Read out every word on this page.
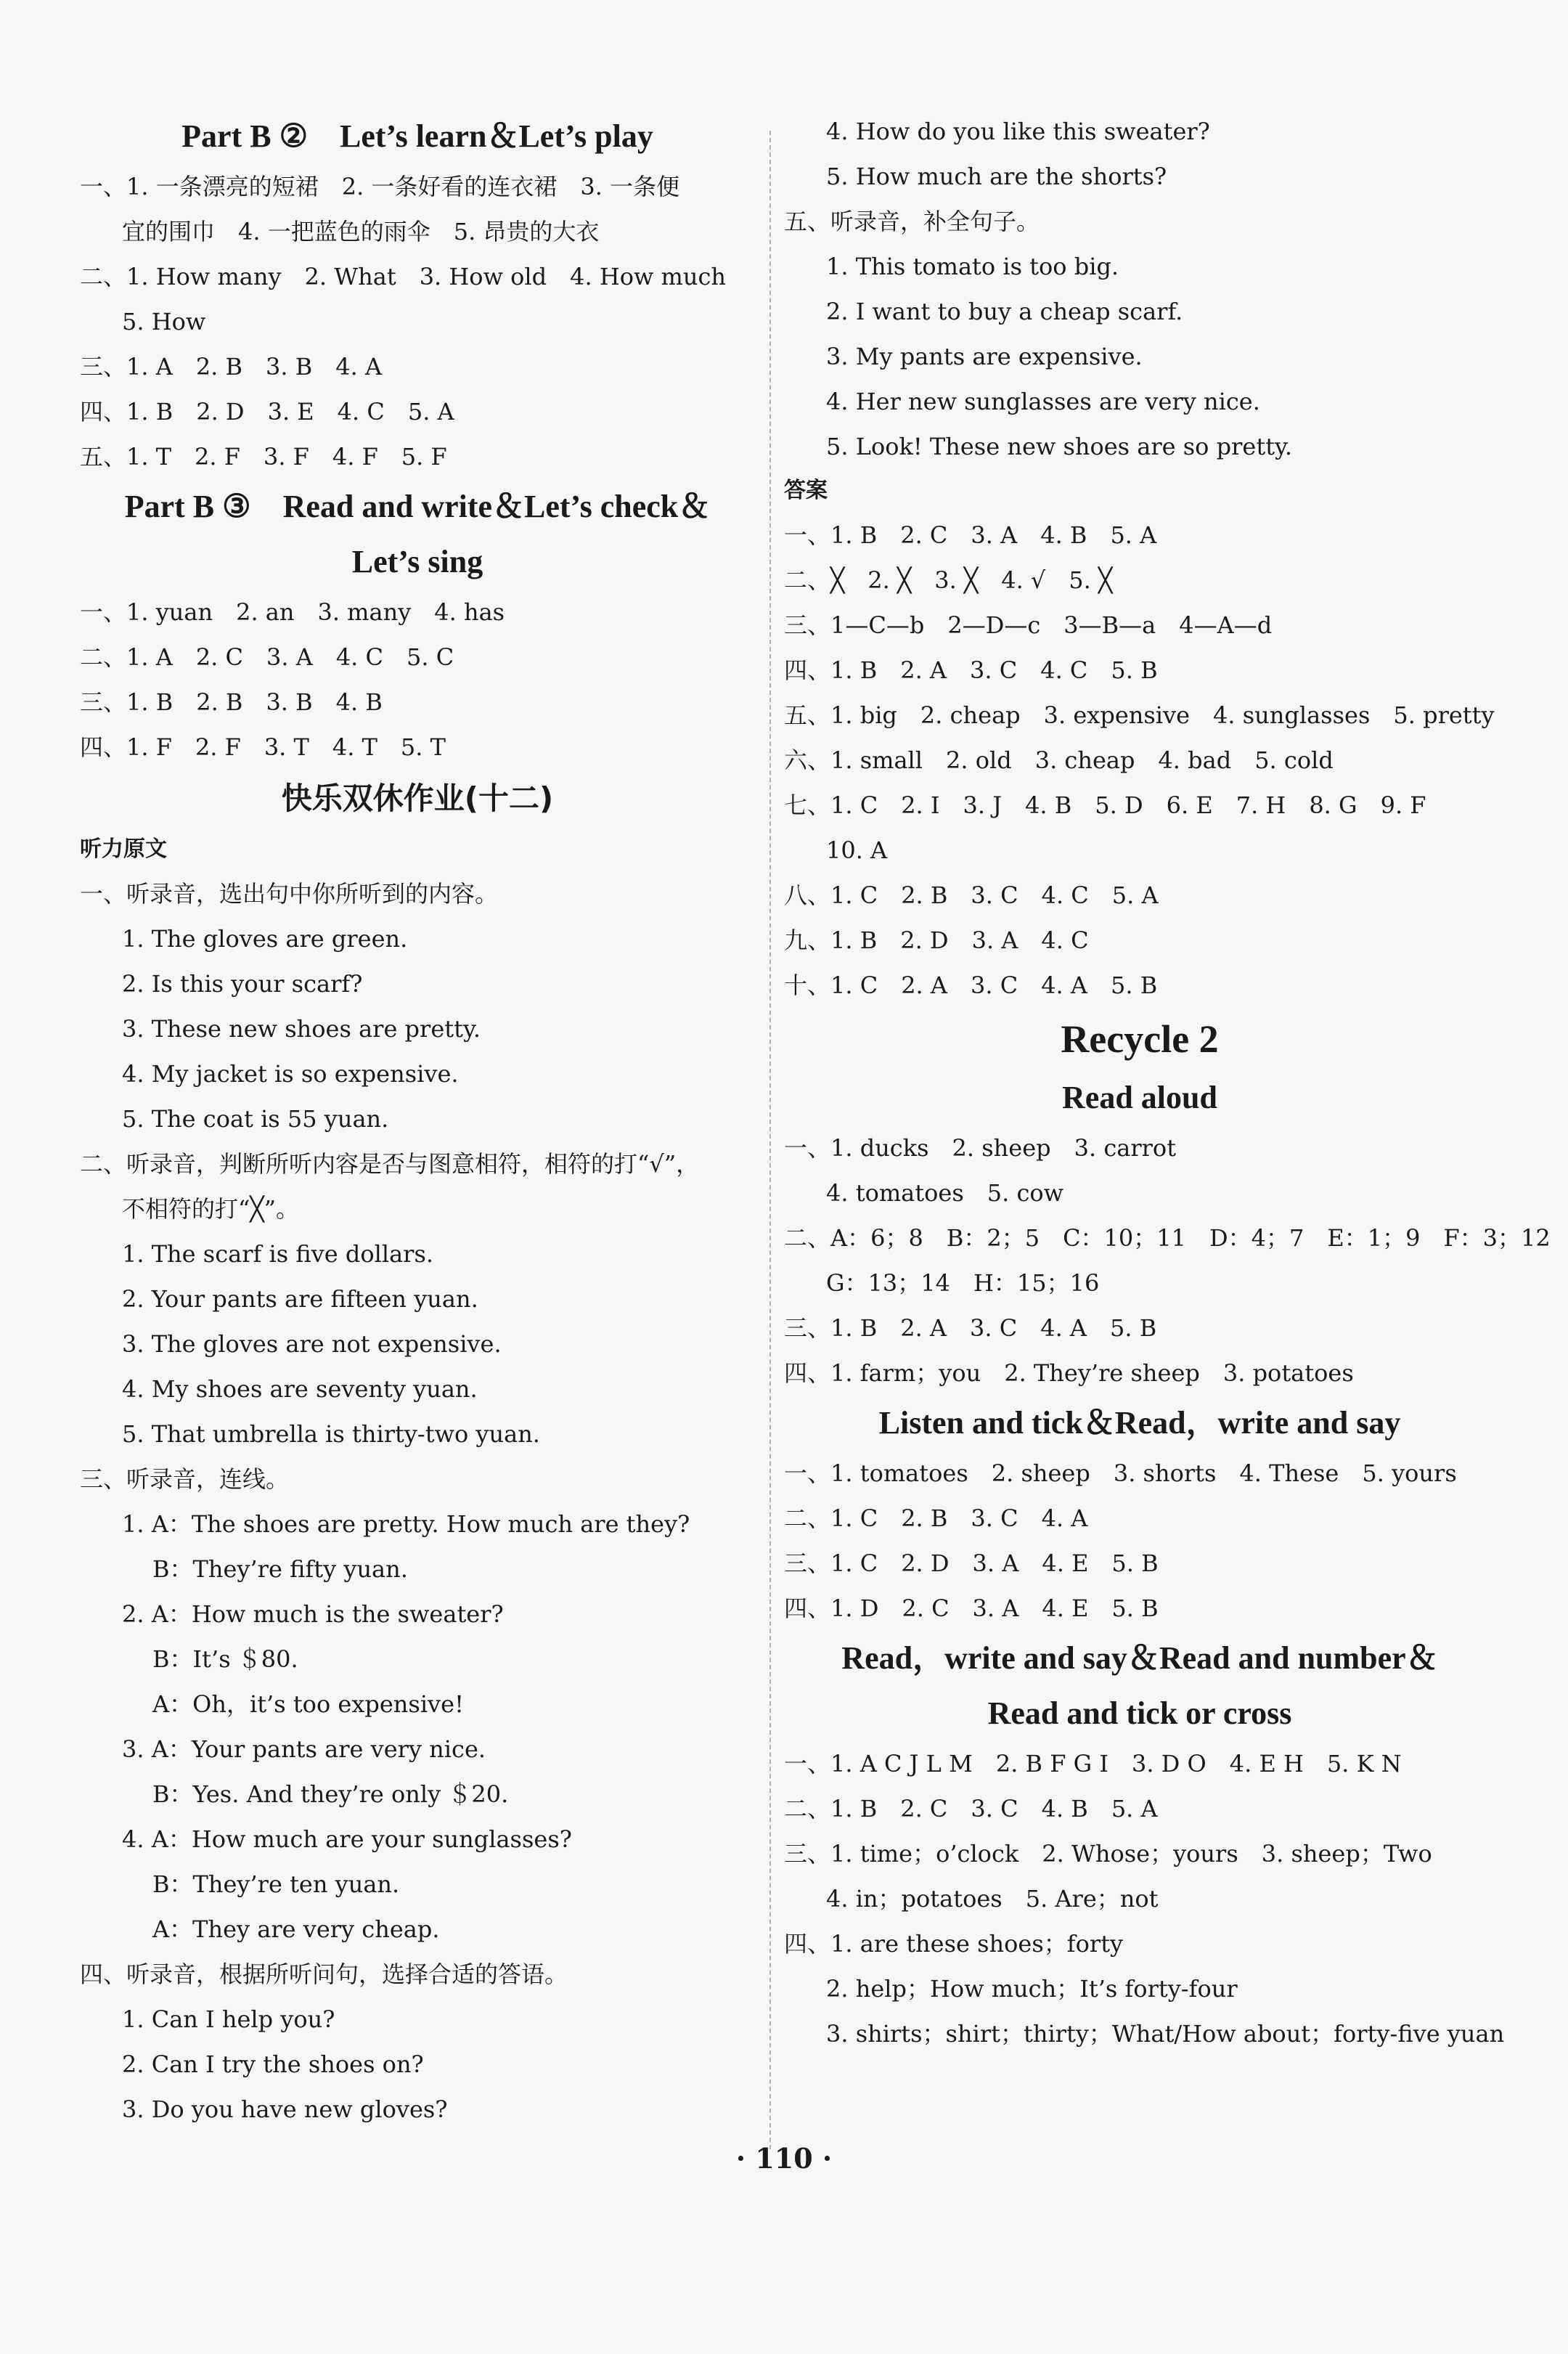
Part B ②　Let’s learn＆Let’s play
一、1. 一条漂亮的短裙　2. 一条好看的连衣裙　3. 一条便
宜的围巾　4. 一把蓝色的雨伞　5. 昂贵的大衣
二、1. How many　2. What　3. How old　4. How much
5. How
三、1. A　2. B　3. B　4. A
四、1. B　2. D　3. E　4. C　5. A
五、1. T　2. F　3. F　4. F　5. F
Part B ③　Read and write＆Let’s check＆
Let’s sing
一、1. yuan　2. an　3. many　4. has
二、1. A　2. C　3. A　4. C　5. C
三、1. B　2. B　3. B　4. B
四、1. F　2. F　3. T　4. T　5. T
快乐双休作业(十二)
听力原文
一、听录音，选出句中你所听到的内容。
1. The gloves are green.
2. Is this your scarf?
3. These new shoes are pretty.
4. My jacket is so expensive.
5. The coat is 55 yuan.
二、听录音，判断所听内容是否与图意相符，相符的打“√”，
不相符的打“╳”。
1. The scarf is five dollars.
2. Your pants are fifteen yuan.
3. The gloves are not expensive.
4. My shoes are seventy yuan.
5. That umbrella is thirty-two yuan.
三、听录音，连线。
1. A：The shoes are pretty. How much are they?
B：They’re fifty yuan.
2. A：How much is the sweater?
B：It’s ＄80.
A：Oh，it’s too expensive!
3. A：Your pants are very nice.
B：Yes. And they’re only ＄20.
4. A：How much are your sunglasses?
B：They’re ten yuan.
A：They are very cheap.
四、听录音，根据所听问句，选择合适的答语。
1. Can I help you?
2. Can I try the shoes on?
3. Do you have new gloves?
4. How do you like this sweater?
5. How much are the shorts?
五、听录音，补全句子。
1. This tomato is too big.
2. I want to buy a cheap scarf.
3. My pants are expensive.
4. Her new sunglasses are very nice.
5. Look! These new shoes are so pretty.
答案
一、1. B　2. C　3. A　4. B　5. A
二、╳　2. ╳　3. ╳　4. √　5. ╳
三、1—C—b　2—D—c　3—B—a　4—A—d
四、1. B　2. A　3. C　4. C　5. B
五、1. big　2. cheap　3. expensive　4. sunglasses　5. pretty
六、1. small　2. old　3. cheap　4. bad　5. cold
七、1. C　2. I　3. J　4. B　5. D　6. E　7. H　8. G　9. F
10. A
八、1. C　2. B　3. C　4. C　5. A
九、1. B　2. D　3. A　4. C
十、1. C　2. A　3. C　4. A　5. B
Recycle 2
Read aloud
一、1. ducks　2. sheep　3. carrot
4. tomatoes　5. cow
二、A：6；8　B：2；5　C：10；11　D：4；7　E：1；9　F：3；12
G：13；14　H：15；16
三、1. B　2. A　3. C　4. A　5. B
四、1. farm；you　2. They’re sheep　3. potatoes
Listen and tick＆Read，write and say
一、1. tomatoes　2. sheep　3. shorts　4. These　5. yours
二、1. C　2. B　3. C　4. A
三、1. C　2. D　3. A　4. E　5. B
四、1. D　2. C　3. A　4. E　5. B
Read，write and say＆Read and number＆
Read and tick or cross
一、1. A C J L M　2. B F G I　3. D O　4. E H　5. K N
二、1. B　2. C　3. C　4. B　5. A
三、1. time；o’clock　2. Whose；yours　3. sheep；Two
4. in；potatoes　5. Are；not
四、1. are these shoes；forty
2. help；How much；It’s forty-four
3. shirts；shirt；thirty；What/How about；forty-five yuan
· 110 ·
